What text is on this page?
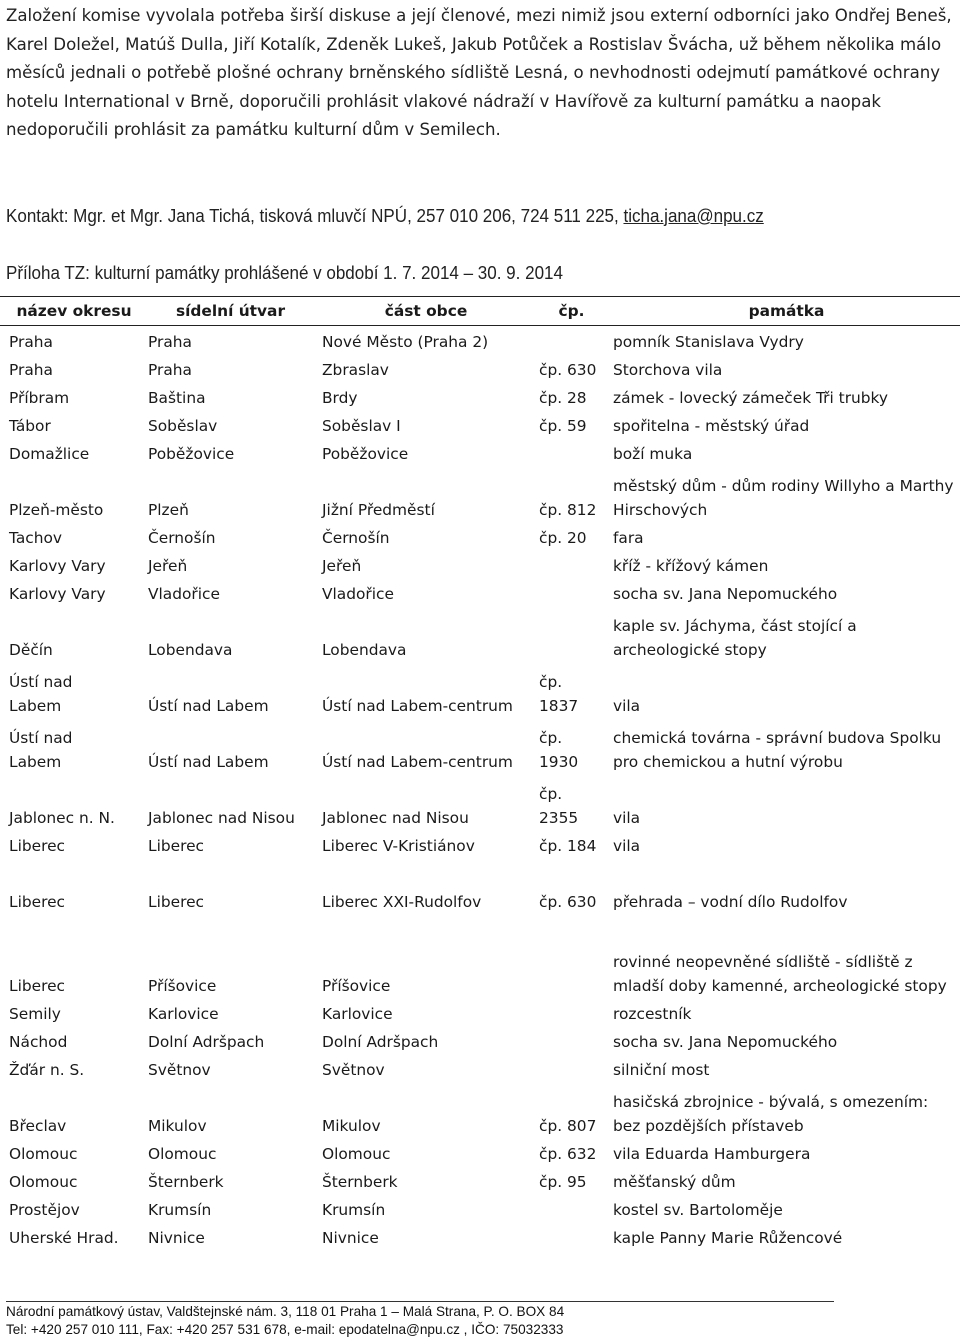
Založení komise vyvolala potřeba širší diskuse a její členové, mezi nimiž jsou externí odborníci jako Ondřej Beneš, Karel Doležel, Matúš Dulla, Jiří Kotalík, Zdeněk Lukeš, Jakub Potůček a Rostislav Švácha, už během několika málo měsíců jednali o potřebě plošné ochrany brněnského sídliště Lesná, o nevhodnosti odejmutí památkové ochrany hotelu International v Brně, doporučili prohlásit vlakové nádraží v Havířově za kulturní památku a naopak nedoporučili prohlásit za památku kulturní dům v Semilech.

Kontakt: Mgr. et Mgr. Jana Tichá, tisková mluvčí NPÚ, 257 010 206, 724 511 225, ticha.jana@npu.cz
Příloha TZ: kulturní památky prohlášené v období 1. 7. 2014 – 30. 9. 2014
název okresu	sídelní útvar	část obce	čp.	památka
Praha	Praha	Nové Město (Praha 2)		pomník Stanislava Vydry
Praha	Praha	Zbraslav	čp. 630	Storchova vila
Příbram	Baština	Brdy	čp. 28	zámek - lovecký zámeček Tři trubky
Tábor	Soběslav	Soběslav I	čp. 59	spořitelna - městský úřad
Domažlice	Poběžovice	Poběžovice		boží muka
Plzeň-město	Plzeň	Jižní Předměstí	čp. 812	městský dům - dům rodiny Willyho a Marthy Hirschových
Tachov	Černošín	Černošín	čp. 20	fara
Karlovy Vary	Jeřeň	Jeřeň		kříž - křížový kámen
Karlovy Vary	Vladořice	Vladořice		socha sv. Jana Nepomuckého
Děčín	Lobendava	Lobendava		kaple sv. Jáchyma, část stojící a archeologické stopy
Ústí nad Labem	Ústí nad Labem	Ústí nad Labem-centrum	čp. 1837	vila
Ústí nad Labem	Ústí nad Labem	Ústí nad Labem-centrum	čp. 1930	chemická továrna - správní budova Spolku pro chemickou a hutní výrobu
Jablonec n. N.	Jablonec nad Nisou	Jablonec nad Nisou	čp. 2355	vila
Liberec	Liberec	Liberec V-Kristiánov	čp. 184	vila
Liberec	Liberec	Liberec XXI-Rudolfov	čp. 630	přehrada – vodní dílo Rudolfov
Liberec	Příšovice	Příšovice		rovinné neopevněné sídliště - sídliště z mladší doby kamenné, archeologické stopy
Semily	Karlovice	Karlovice		rozcestník
Náchod	Dolní Adršpach	Dolní Adršpach		socha sv. Jana Nepomuckého
Žďár n. S.	Světnov	Světnov		silniční most
Břeclav	Mikulov	Mikulov	čp. 807	hasičská zbrojnice - bývalá, s omezením: bez pozdějších přístaveb
Olomouc	Olomouc	Olomouc	čp. 632	vila Eduarda Hamburgera
Olomouc	Šternberk	Šternberk	čp. 95	měšťanský dům
Prostějov	Krumsín	Krumsín		kostel sv. Bartoloměje
Uherské Hrad.	Nivnice	Nivnice		kaple Panny Marie Růžencové
Národní památkový ústav, Valdštejnské nám. 3, 118 01 Praha 1 – Malá Strana, P. O. BOX 84
Tel: +420 257 010 111, Fax: +420 257 531 678, e-mail: epodatelna@npu.cz , IČO: 75032333
